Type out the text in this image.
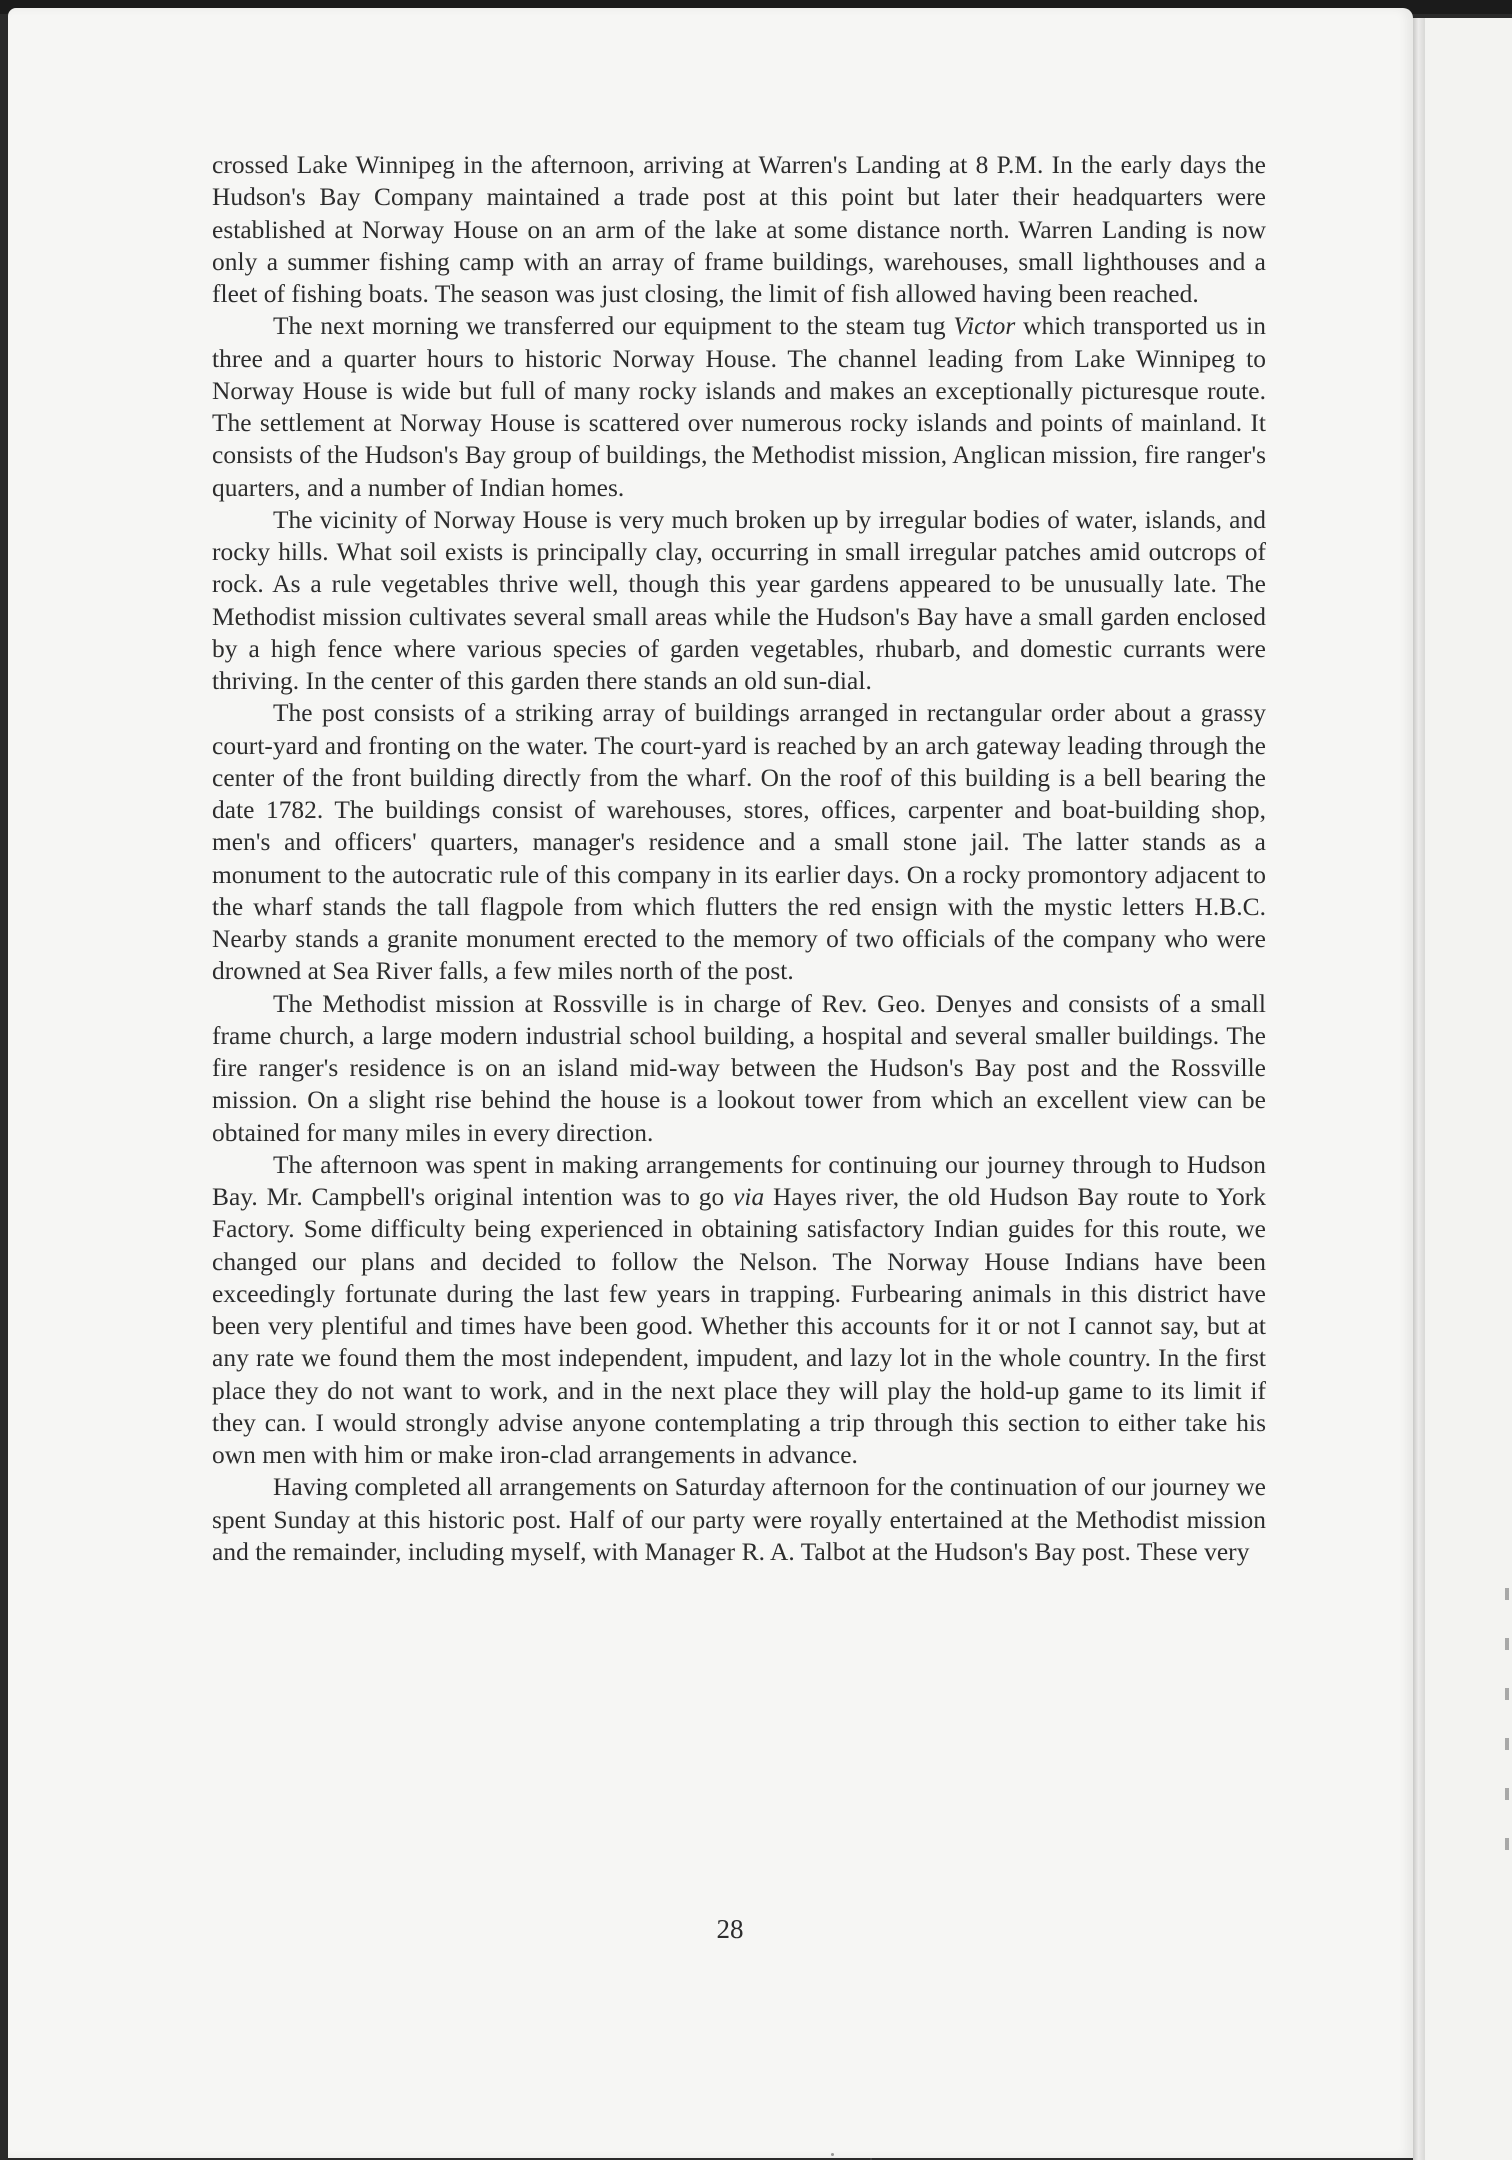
crossed Lake Winnipeg in the afternoon, arriving at Warren's Landing at 8 P.M. In the early days the Hudson's Bay Company maintained a trade post at this point but later their headquarters were established at Norway House on an arm of the lake at some distance north. Warren Landing is now only a summer fishing camp with an array of frame buildings, warehouses, small lighthouses and a fleet of fishing boats. The season was just closing, the limit of fish allowed having been reached.

The next morning we transferred our equipment to the steam tug Victor which transported us in three and a quarter hours to historic Norway House. The channel leading from Lake Winnipeg to Norway House is wide but full of many rocky islands and makes an exceptionally picturesque route. The settlement at Norway House is scattered over numerous rocky islands and points of mainland. It consists of the Hudson's Bay group of buildings, the Methodist mission, Anglican mission, fire ranger's quarters, and a number of Indian homes.

The vicinity of Norway House is very much broken up by irregular bodies of water, islands, and rocky hills. What soil exists is principally clay, occurring in small irregular patches amid outcrops of rock. As a rule vegetables thrive well, though this year gardens appeared to be unusually late. The Methodist mission cultivates several small areas while the Hudson's Bay have a small garden enclosed by a high fence where various species of garden vegetables, rhubarb, and domestic currants were thriving. In the center of this garden there stands an old sun-dial.

The post consists of a striking array of buildings arranged in rectangular order about a grassy court-yard and fronting on the water. The court-yard is reached by an arch gateway leading through the center of the front building directly from the wharf. On the roof of this building is a bell bearing the date 1782. The buildings consist of warehouses, stores, offices, carpenter and boat-building shop, men's and officers' quarters, manager's residence and a small stone jail. The latter stands as a monument to the autocratic rule of this company in its earlier days. On a rocky promontory adjacent to the wharf stands the tall flagpole from which flutters the red ensign with the mystic letters H.B.C. Nearby stands a granite monument erected to the memory of two officials of the company who were drowned at Sea River falls, a few miles north of the post.

The Methodist mission at Rossville is in charge of Rev. Geo. Denyes and consists of a small frame church, a large modern industrial school building, a hospital and several smaller buildings. The fire ranger's residence is on an island mid-way between the Hudson's Bay post and the Rossville mission. On a slight rise behind the house is a lookout tower from which an excellent view can be obtained for many miles in every direction.

The afternoon was spent in making arrangements for continuing our journey through to Hudson Bay. Mr. Campbell's original intention was to go via Hayes river, the old Hudson Bay route to York Factory. Some difficulty being experienced in obtaining satisfactory Indian guides for this route, we changed our plans and decided to follow the Nelson. The Norway House Indians have been exceedingly fortunate during the last few years in trapping. Furbearing animals in this district have been very plentiful and times have been good. Whether this accounts for it or not I cannot say, but at any rate we found them the most independent, impudent, and lazy lot in the whole country. In the first place they do not want to work, and in the next place they will play the hold-up game to its limit if they can. I would strongly advise anyone contemplating a trip through this section to either take his own men with him or make iron-clad arrangements in advance.

Having completed all arrangements on Saturday afternoon for the continuation of our journey we spent Sunday at this historic post. Half of our party were royally entertained at the Methodist mission and the remainder, including myself, with Manager R. A. Talbot at the Hudson's Bay post. These very

28
